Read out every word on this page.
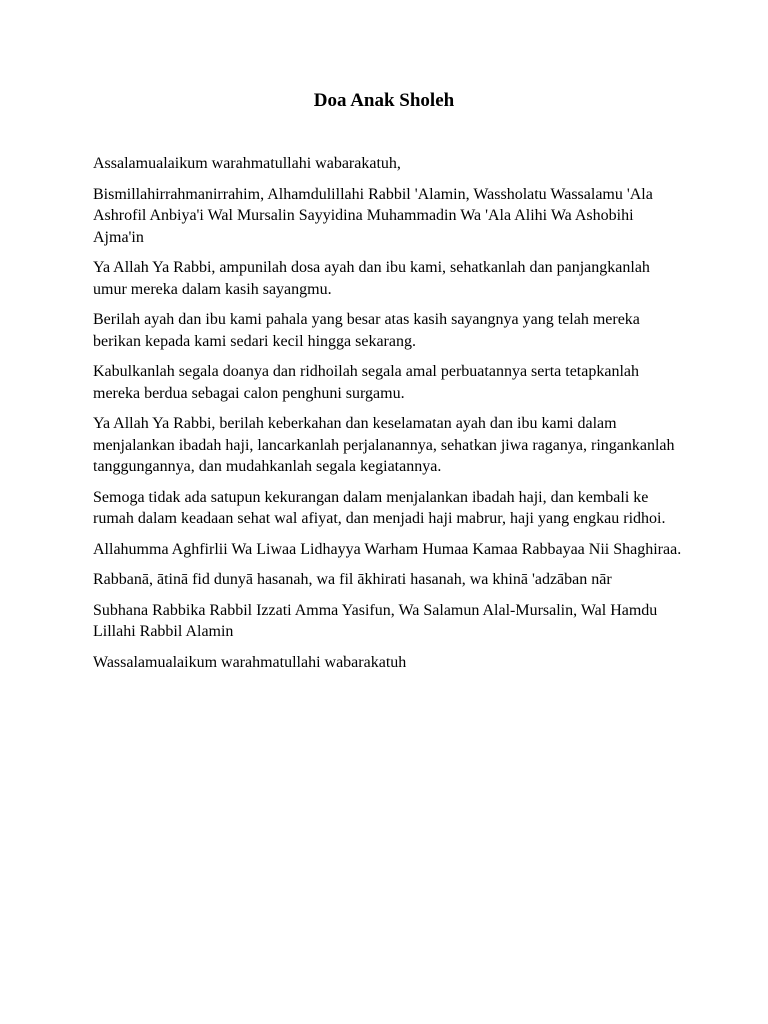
Doa Anak Sholeh

Assalamualaikum warahmatullahi wabarakatuh,

Bismillahirrahmanirrahim, Alhamdulillahi Rabbil 'Alamin, Wassholatu Wassalamu 'Ala Ashrofil Anbiya'i Wal Mursalin Sayyidina Muhammadin Wa 'Ala Alihi Wa Ashobihi Ajma'in

Ya Allah Ya Rabbi, ampunilah dosa ayah dan ibu kami, sehatkanlah dan panjangkanlah umur mereka dalam kasih sayangmu.

Berilah ayah dan ibu kami pahala yang besar atas kasih sayangnya yang telah mereka berikan kepada kami sedari kecil hingga sekarang.

Kabulkanlah segala doanya dan ridhoilah segala amal perbuatannya serta tetapkanlah mereka berdua sebagai calon penghuni surgamu.

Ya Allah Ya Rabbi, berilah keberkahan dan keselamatan ayah dan ibu kami dalam menjalankan ibadah haji, lancarkanlah perjalanannya, sehatkan jiwa raganya, ringankanlah tanggungannya, dan mudahkanlah segala kegiatannya.

Semoga tidak ada satupun kekurangan dalam menjalankan ibadah haji, dan kembali ke rumah dalam keadaan sehat wal afiyat, dan menjadi haji mabrur, haji yang engkau ridhoi.

Allahumma Aghfirlii Wa Liwaa Lidhayya Warham Humaa Kamaa Rabbayaa Nii Shaghiraa.

Rabbanā, ātinā fid dunyā hasanah, wa fil ākhirati hasanah, wa khinā 'adzāban nār

Subhana Rabbika Rabbil Izzati Amma Yasifun, Wa Salamun Alal-Mursalin, Wal Hamdu Lillahi Rabbil Alamin

Wassalamualaikum warahmatullahi wabarakatuh
